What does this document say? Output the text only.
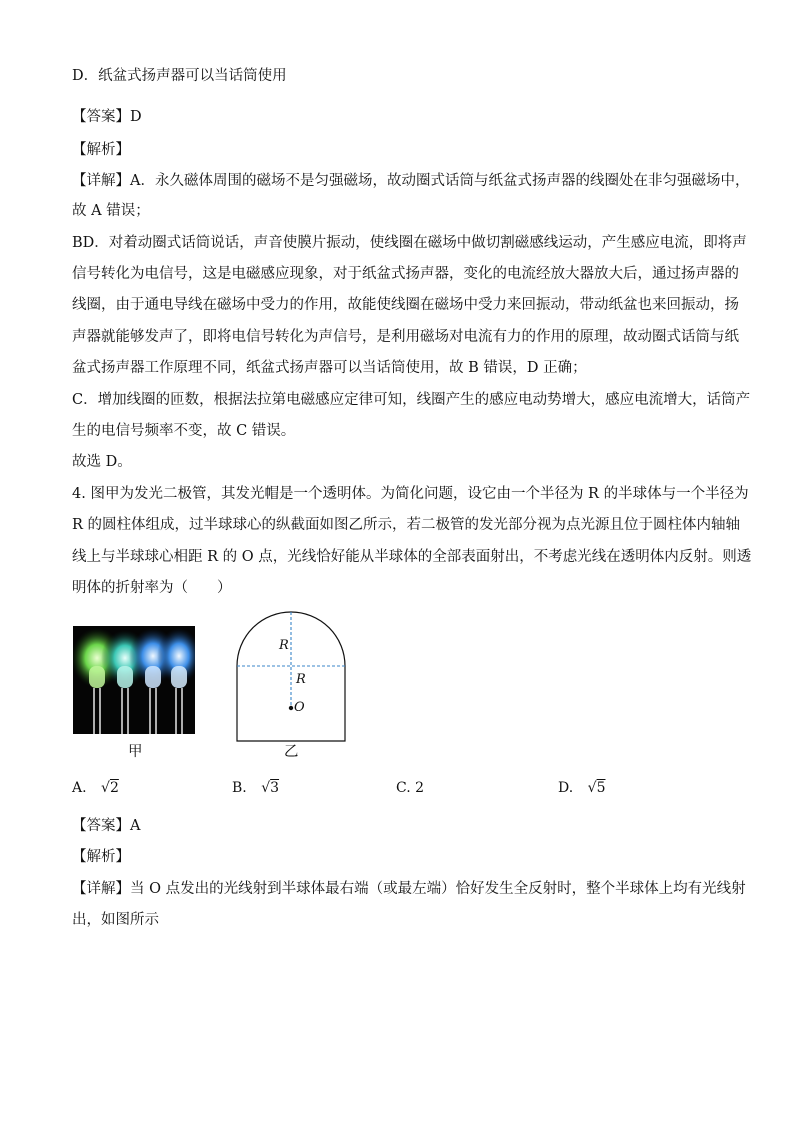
D．纸盆式扬声器可以当话筒使用
【答案】D
【解析】
【详解】A．永久磁体周围的磁场不是匀强磁场，故动圈式话筒与纸盆式扬声器的线圈处在非匀强磁场中，
故 A 错误；
BD．对着动圈式话筒说话，声音使膜片振动，使线圈在磁场中做切割磁感线运动，产生感应电流，即将声
信号转化为电信号，这是电磁感应现象，对于纸盆式扬声器，变化的电流经放大器放大后，通过扬声器的
线圈，由于通电导线在磁场中受力的作用，故能使线圈在磁场中受力来回振动，带动纸盆也来回振动，扬
声器就能够发声了，即将电信号转化为声信号，是利用磁场对电流有力的作用的原理，故动圈式话筒与纸
盆式扬声器工作原理不同，纸盆式扬声器可以当话筒使用，故 B 错误，D 正确；
C．增加线圈的匝数，根据法拉第电磁感应定律可知，线圈产生的感应电动势增大，感应电流增大，话筒产
生的电信号频率不变，故 C 错误。
故选 D。
4. 图甲为发光二极管，其发光帽是一个透明体。为简化问题，设它由一个半径为 R 的半球体与一个半径为
R 的圆柱体组成，过半球球心的纵截面如图乙所示，若二极管的发光部分视为点光源且位于圆柱体内轴轴
线上与半球球心相距 R 的 O 点，光线恰好能从半球体的全部表面射出，不考虑光线在透明体内反射。则透
明体的折射率为（　　）
甲
R
R
O
乙
A. √2	B. √3	C. 2	D. √5
【答案】A
【解析】
【详解】当 O 点发出的光线射到半球体最右端（或最左端）恰好发生全反射时，整个半球体上均有光线射
出，如图所示
